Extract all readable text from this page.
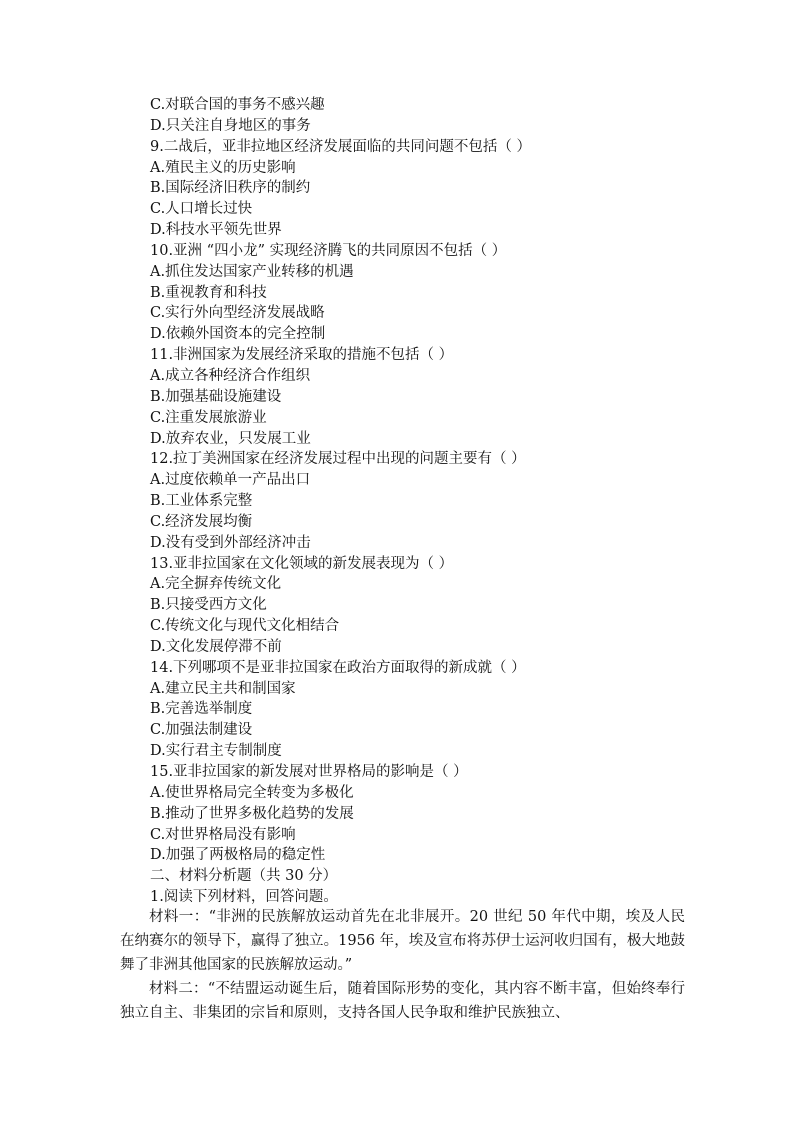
C.对联合国的事务不感兴趣
D.只关注自身地区的事务
9.二战后，亚非拉地区经济发展面临的共同问题不包括（ ）
A.殖民主义的历史影响
B.国际经济旧秩序的制约
C.人口增长过快
D.科技水平领先世界
10.亚洲 “四小龙” 实现经济腾飞的共同原因不包括（ ）
A.抓住发达国家产业转移的机遇
B.重视教育和科技
C.实行外向型经济发展战略
D.依赖外国资本的完全控制
11.非洲国家为发展经济采取的措施不包括（ ）
A.成立各种经济合作组织
B.加强基础设施建设
C.注重发展旅游业
D.放弃农业，只发展工业
12.拉丁美洲国家在经济发展过程中出现的问题主要有（ ）
A.过度依赖单一产品出口
B.工业体系完整
C.经济发展均衡
D.没有受到外部经济冲击
13.亚非拉国家在文化领域的新发展表现为（ ）
A.完全摒弃传统文化
B.只接受西方文化
C.传统文化与现代文化相结合
D.文化发展停滞不前
14.下列哪项不是亚非拉国家在政治方面取得的新成就（ ）
A.建立民主共和制国家
B.完善选举制度
C.加强法制建设
D.实行君主专制制度
15.亚非拉国家的新发展对世界格局的影响是（ ）
A.使世界格局完全转变为多极化
B.推动了世界多极化趋势的发展
C.对世界格局没有影响
D.加强了两极格局的稳定性
二、材料分析题（共 30 分）
1.阅读下列材料，回答问题。

材料一：“非洲的民族解放运动首先在北非展开。20 世纪 50 年代中期，埃及人民在纳赛尔的领导下，赢得了独立。1956 年，埃及宣布将苏伊士运河收归国有，极大地鼓舞了非洲其他国家的民族解放运动。”

材料二：“不结盟运动诞生后，随着国际形势的变化，其内容不断丰富，但始终奉行独立自主、非集团的宗旨和原则，支持各国人民争取和维护民族独立、
